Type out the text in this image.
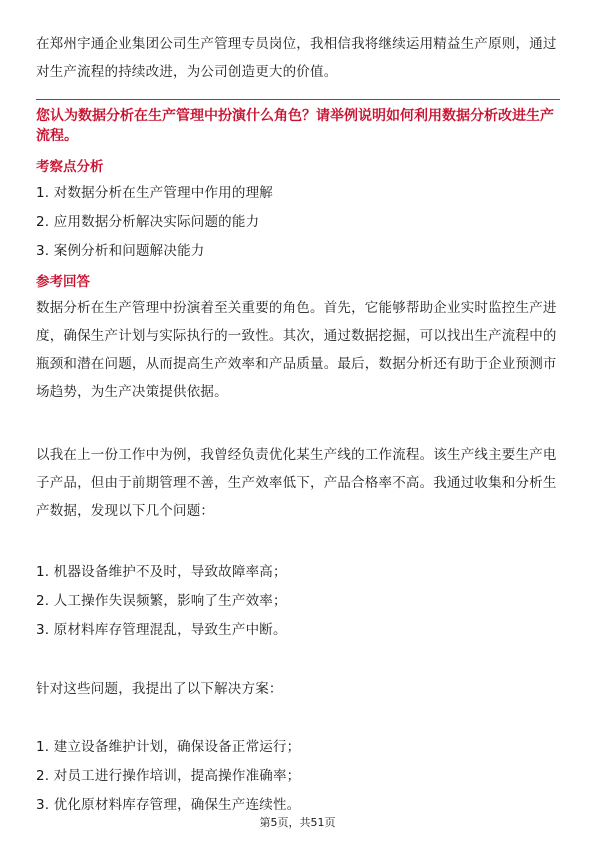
在郑州宇通企业集团公司生产管理专员岗位，我相信我将继续运用精益生产原则，通过对生产流程的持续改进，为公司创造更大的价值。
您认为数据分析在生产管理中扮演什么角色？请举例说明如何利用数据分析改进生产流程。
考察点分析
1. 对数据分析在生产管理中作用的理解
2. 应用数据分析解决实际问题的能力
3. 案例分析和问题解决能力
参考回答
数据分析在生产管理中扮演着至关重要的角色。首先，它能够帮助企业实时监控生产进度，确保生产计划与实际执行的一致性。其次，通过数据挖掘，可以找出生产流程中的瓶颈和潜在问题，从而提高生产效率和产品质量。最后，数据分析还有助于企业预测市场趋势，为生产决策提供依据。
以我在上一份工作中为例，我曾经负责优化某生产线的工作流程。该生产线主要生产电子产品，但由于前期管理不善，生产效率低下，产品合格率不高。我通过收集和分析生产数据，发现以下几个问题：
1. 机器设备维护不及时，导致故障率高；
2. 人工操作失误频繁，影响了生产效率；
3. 原材料库存管理混乱，导致生产中断。
针对这些问题，我提出了以下解决方案：
1. 建立设备维护计划，确保设备正常运行；
2. 对员工进行操作培训，提高操作准确率；
3. 优化原材料库存管理，确保生产连续性。
第5页，共51页
